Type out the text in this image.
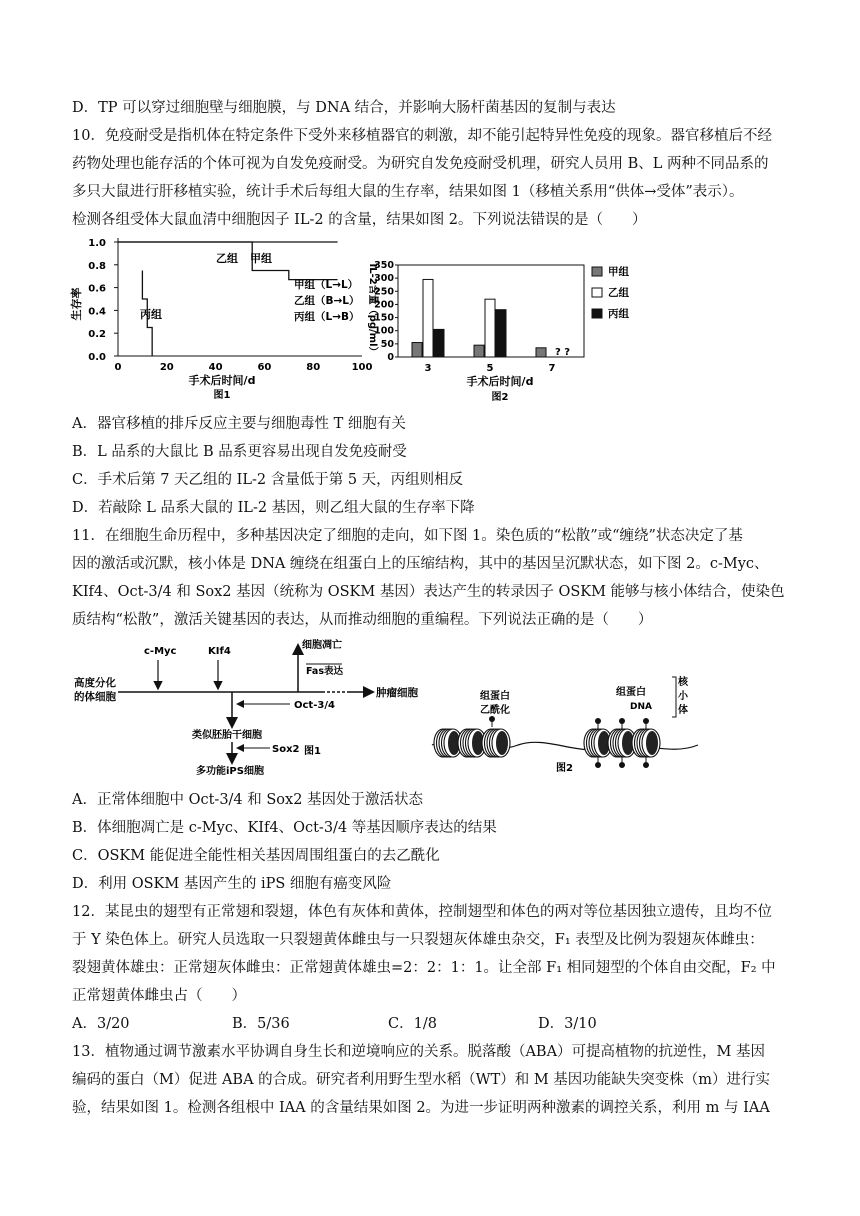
D．TP 可以穿过细胞壁与细胞膜，与 DNA 结合，并影响大肠杆菌基因的复制与表达
10．免疫耐受是指机体在特定条件下受外来移植器官的刺激，却不能引起特异性免疫的现象。器官移植后不经
药物处理也能存活的个体可视为自发免疫耐受。为研究自发免疫耐受机理，研究人员用 B、L 两种不同品系的
多只大鼠进行肝移植实验，统计手术后每组大鼠的生存率，结果如图 1（移植关系用“供体→受体”表示）。
检测各组受体大鼠血清中细胞因子 IL-2 的含量，结果如图 2。下列说法错误的是（　　）
生存率
1.0
0.8
0.6
0.4
0.2
0.0
0	20	40	60	80	100
甲组
乙组
丙组
甲组（L→L）
乙组（B→L）
丙组（L→B）
手术后时间/d
图1
IL-2含量（pg/ml）
0
50
100
150
200
250
300
350
3	5	7
? ?
甲组
乙组
丙组
手术后时间/d
图2
A．器官移植的排斥反应主要与细胞毒性 T 细胞有关
B．L 品系的大鼠比 B 品系更容易出现自发免疫耐受
C．手术后第 7 天乙组的 IL-2 含量低于第 5 天，丙组则相反
D．若敲除 L 品系大鼠的 IL-2 基因，则乙组大鼠的生存率下降
11．在细胞生命历程中，多种基因决定了细胞的走向，如下图 1。染色质的“松散”或“缠绕”状态决定了基
因的激活或沉默，核小体是 DNA 缠绕在组蛋白上的压缩结构，其中的基因呈沉默状态，如下图 2。c-Myc、
KIf4、Oct-3/4 和 Sox2 基因（统称为 OSKM 基因）表达产生的转录因子 OSKM 能够与核小体结合，使染色
质结构“松散”，激活关键基因的表达，从而推动细胞的重编程。下列说法正确的是（　　）
高度分化
的体细胞	肿瘤细胞
c-Myc	KIf4
细胞凋亡
Fas表达
Oct-3/4
类似胚胎干细胞
Sox2
多功能iPS细胞
图1
组蛋白
乙酰化
组蛋白
DNA
核
小
体
图2
A．正常体细胞中 Oct-3/4 和 Sox2 基因处于激活状态
B．体细胞凋亡是 c-Myc、KIf4、Oct-3/4 等基因顺序表达的结果
C．OSKM 能促进全能性相关基因周围组蛋白的去乙酰化
D．利用 OSKM 基因产生的 iPS 细胞有癌变风险
12．某昆虫的翅型有正常翅和裂翅，体色有灰体和黄体，控制翅型和体色的两对等位基因独立遗传，且均不位
于 Y 染色体上。研究人员选取一只裂翅黄体雌虫与一只裂翅灰体雄虫杂交，F₁ 表型及比例为裂翅灰体雌虫：
裂翅黄体雄虫：正常翅灰体雌虫：正常翅黄体雄虫=2：2：1：1。让全部 F₁ 相同翅型的个体自由交配，F₂ 中
正常翅黄体雌虫占（　　）
A．3/20	B．5/36	C．1/8	D．3/10
13．植物通过调节激素水平协调自身生长和逆境响应的关系。脱落酸（ABA）可提高植物的抗逆性，M 基因
编码的蛋白（M）促进 ABA 的合成。研究者利用野生型水稻（WT）和 M 基因功能缺失突变株（m）进行实
验，结果如图 1。检测各组根中 IAA 的含量结果如图 2。为进一步证明两种激素的调控关系，利用 m 与 IAA
